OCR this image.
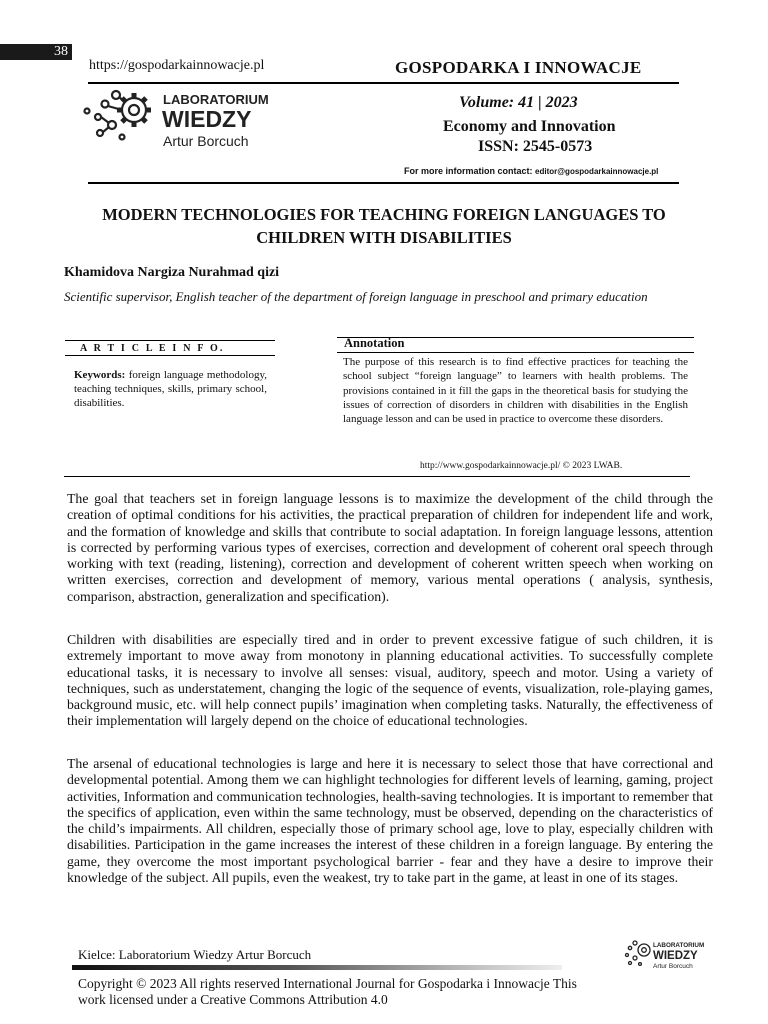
38
https://gospodarkainnowacje.pl	GOSPODARKA I INNOWACJE
LABORATORIUM
WIEDZY
Artur Borcuch
Volume: 41 | 2023
Economy and Innovation
ISSN: 2545-0573
For more information contact: editor@gospodarkainnowacje.pl
MODERN TECHNOLOGIES FOR TEACHING FOREIGN LANGUAGES TO CHILDREN WITH DISABILITIES
Khamidova Nargiza Nurahmad qizi
Scientific supervisor, English teacher of the department of foreign language in preschool and primary education
A R T I C L E I N F O.
Keywords: foreign language methodology, teaching techniques, skills, primary school, disabilities.
Annotation
The purpose of this research is to find effective practices for teaching the school subject “foreign language” to learners with health problems. The provisions contained in it fill the gaps in the theoretical basis for studying the issues of correction of disorders in children with disabilities in the English language lesson and can be used in practice to overcome these disorders.
http://www.gospodarkainnowacje.pl/ © 2023 LWAB.

The goal that teachers set in foreign language lessons is to maximize the development of the child through the creation of optimal conditions for his activities, the practical preparation of children for independent life and work, and the formation of knowledge and skills that contribute to social adaptation. In foreign language lessons, attention is corrected by performing various types of exercises, correction and development of coherent oral speech through working with text (reading, listening), correction and development of coherent written speech when working on written exercises, correction and development of memory, various mental operations ( analysis, synthesis, comparison, abstraction, generalization and specification).

Children with disabilities are especially tired and in order to prevent excessive fatigue of such children, it is extremely important to move away from monotony in planning educational activities. To successfully complete educational tasks, it is necessary to involve all senses: visual, auditory, speech and motor. Using a variety of techniques, such as understatement, changing the logic of the sequence of events, visualization, role-playing games, background music, etc. will help connect pupils’ imagination when completing tasks. Naturally, the effectiveness of their implementation will largely depend on the choice of educational technologies.

The arsenal of educational technologies is large and here it is necessary to select those that have correctional and developmental potential. Among them we can highlight technologies for different levels of learning, gaming, project activities, Information and communication technologies, health-saving technologies. It is important to remember that the specifics of application, even within the same technology, must be observed, depending on the characteristics of the child’s impairments. All children, especially those of primary school age, love to play, especially children with disabilities. Participation in the game increases the interest of these children in a foreign language. By entering the game, they overcome the most important psychological barrier - fear and they have a desire to improve their knowledge of the subject. All pupils, even the weakest, try to take part in the game, at least in one of its stages.

Kielce: Laboratorium Wiedzy Artur Borcuch
LABORATORIUM
WIEDZY
Artur Borcuch
Copyright © 2023 All rights reserved International Journal for Gospodarka i Innowacje This work licensed under a Creative Commons Attribution 4.0
